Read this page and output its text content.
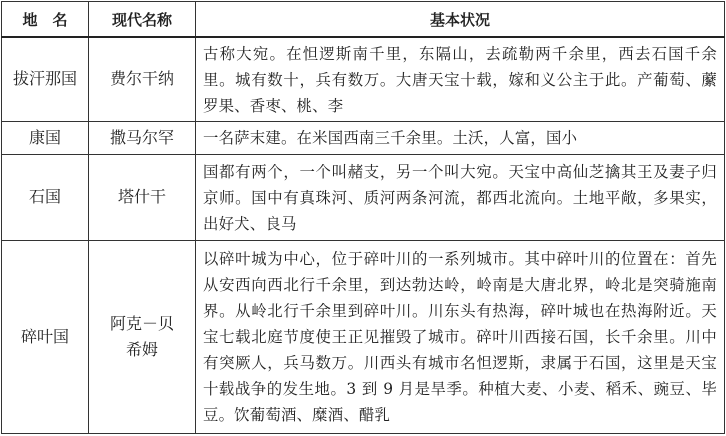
地　名	现代名称	基本状况
拔汗那国	费尔干纳	古称大宛。在怛逻斯南千里，东隔山，去疏勒两千余里，西去石国千余里。城有数十，兵有数万。大唐天宝十载，嫁和义公主于此。产葡萄、䕷罗果、香枣、桃、李
康国	撒马尔罕	一名萨末建。在米国西南三千余里。土沃，人富，国小
石国	塔什干	国都有两个，一个叫赭支，另一个叫大宛。天宝中高仙芝擒其王及妻子归京师。国中有真珠河、质河两条河流，都西北流向。土地平敞，多果实，出好犬、良马
碎叶国	阿克－贝希姆	以碎叶城为中心，位于碎叶川的一系列城市。其中碎叶川的位置在：首先从安西向西北行千余里，到达勃达岭，岭南是大唐北界，岭北是突骑施南界。从岭北行千余里到碎叶川。川东头有热海，碎叶城也在热海附近。天宝七载北庭节度使王正见摧毁了城市。碎叶川西接石国，长千余里。川中有突厥人，兵马数万。川西头有城市名怛逻斯，隶属于石国，这里是天宝十载战争的发生地。3 到 9 月是旱季。种植大麦、小麦、稻禾、豌豆、毕豆。饮葡萄酒、糜酒、醋乳
